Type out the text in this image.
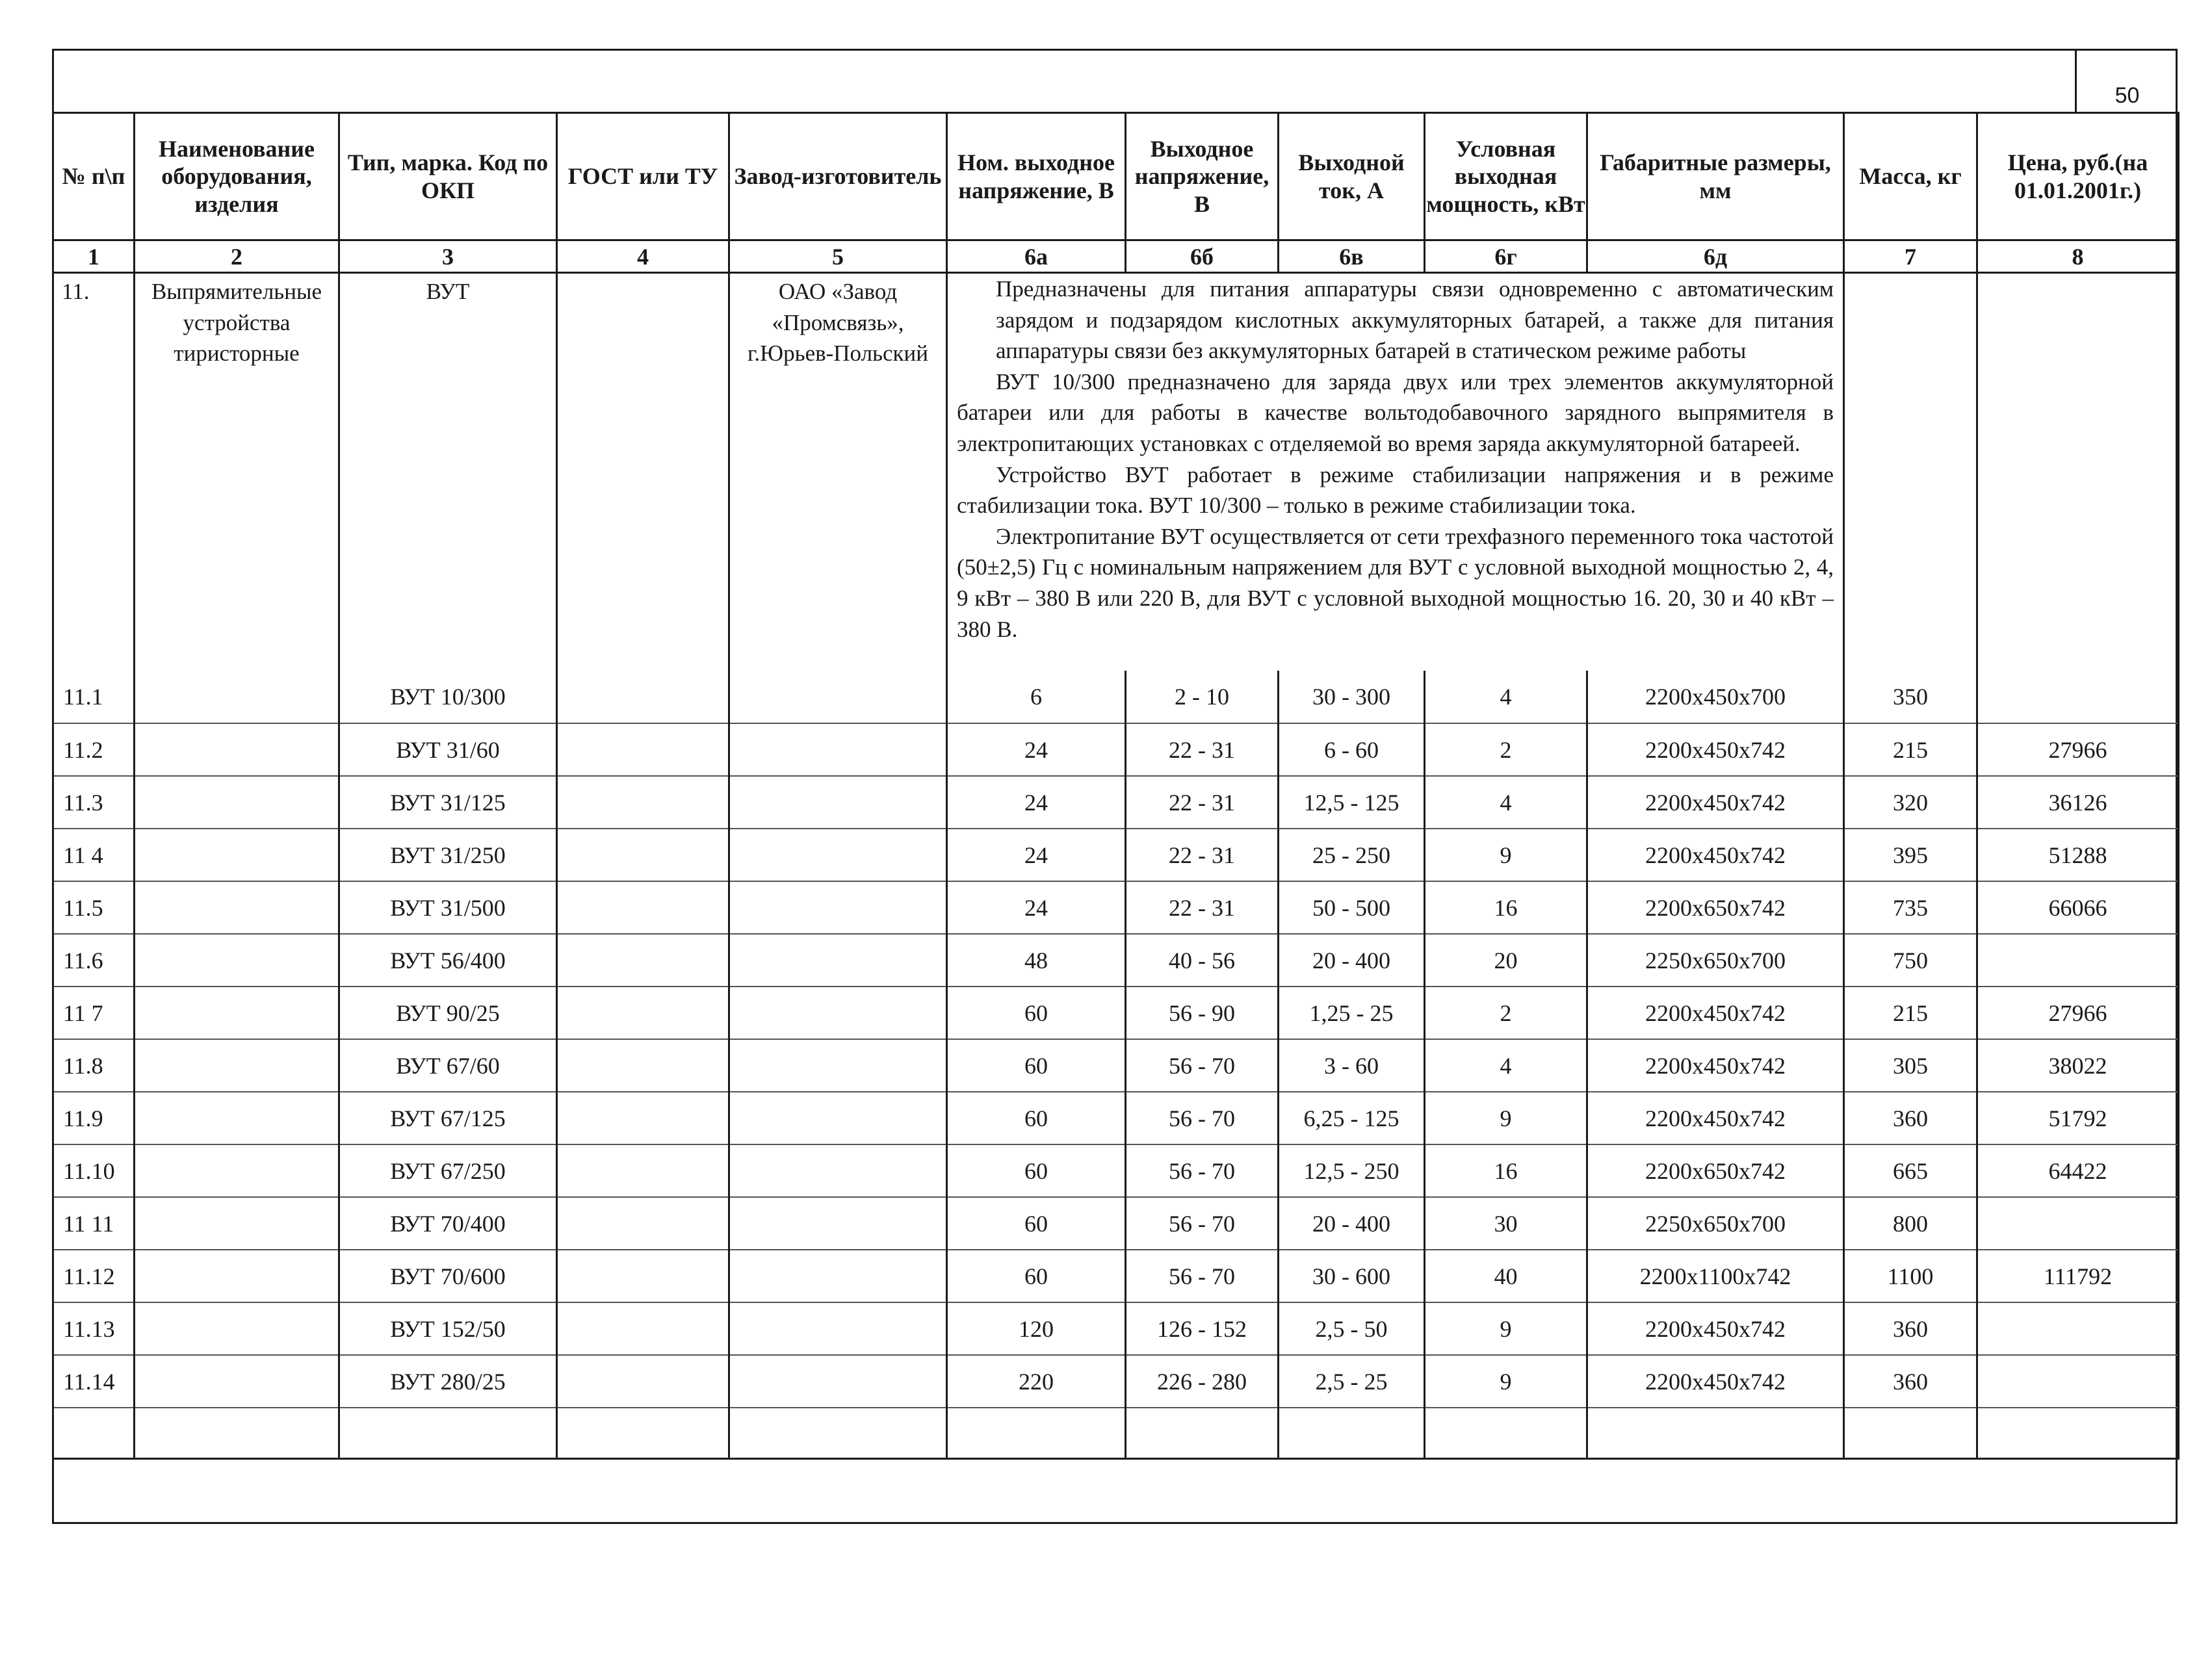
50
№ п\п	Наименование оборудования, изделия	Тип, марка. Код по ОКП	ГОСТ или ТУ	Завод-изготовитель	Ном. выходное напряжение, В	Выходное напряжение, В	Выходной ток, А	Условная выходная мощность, кВт	Габаритные размеры, мм	Масса, кг	Цена, руб.(на 01.01.2001г.)
1	2	3	4	5	6а	6б	6в	6г	6д	7	8
11.	Выпрямительные устройства тиристорные	ВУТ		ОАО «Завод «Промсвязь», г.Юрьев-Польский	Предназначены для питания аппаратуры связи одновременно с автоматическим зарядом и подзарядом кислотных аккумуляторных батарей, а также для питания аппаратуры связи без аккумуляторных батарей в статическом режиме работы

ВУТ 10/300 предназначено для заряда двух или трех элементов аккумуляторной батареи или для работы в качестве вольтодобавочного зарядного выпрямителя в электропитающих установках с отделяемой во время заряда аккумуляторной батареей.

Устройство ВУТ работает в режиме стабилизации напряжения и в режиме стабилизации тока. ВУТ 10/300 – только в режиме стабилизации тока.

Электропитание ВУТ осуществляется от сети трехфазного переменного тока частотой (50±2,5) Гц с номинальным напряжением для ВУТ с условной выходной мощностью 2, 4, 9 кВт – 380 В или 220 В, для ВУТ с условной выходной мощностью 16. 20, 30 и 40 кВт – 380 В.						

11.1		ВУТ 10/300			6	2 - 10	30 - 300	4	2200x450x700	350	
11.2		ВУТ 31/60			24	22 - 31	6 - 60	2	2200x450x742	215	27966
11.3		ВУТ 31/125			24	22 - 31	12,5 - 125	4	2200x450x742	320	36126
11 4		ВУТ 31/250			24	22 - 31	25 - 250	9	2200x450x742	395	51288
11.5		ВУТ 31/500			24	22 - 31	50 - 500	16	2200x650x742	735	66066
11.6		ВУТ 56/400			48	40 - 56	20 - 400	20	2250x650x700	750	
11 7		ВУТ 90/25			60	56 - 90	1,25 - 25	2	2200x450x742	215	27966
11.8		ВУТ 67/60			60	56 - 70	3 - 60	4	2200x450x742	305	38022
11.9		ВУТ 67/125			60	56 - 70	6,25 - 125	9	2200x450x742	360	51792
11.10		ВУТ 67/250			60	56 - 70	12,5 - 250	16	2200x650x742	665	64422
11 11		ВУТ 70/400			60	56 - 70	20 - 400	30	2250x650x700	800	
11.12		ВУТ 70/600			60	56 - 70	30 - 600	40	2200x1100x742	1100	111792
11.13		ВУТ 152/50			120	126 - 152	2,5 - 50	9	2200x450x742	360	
11.14		ВУТ 280/25			220	226 - 280	2,5 - 25	9	2200x450x742	360	
